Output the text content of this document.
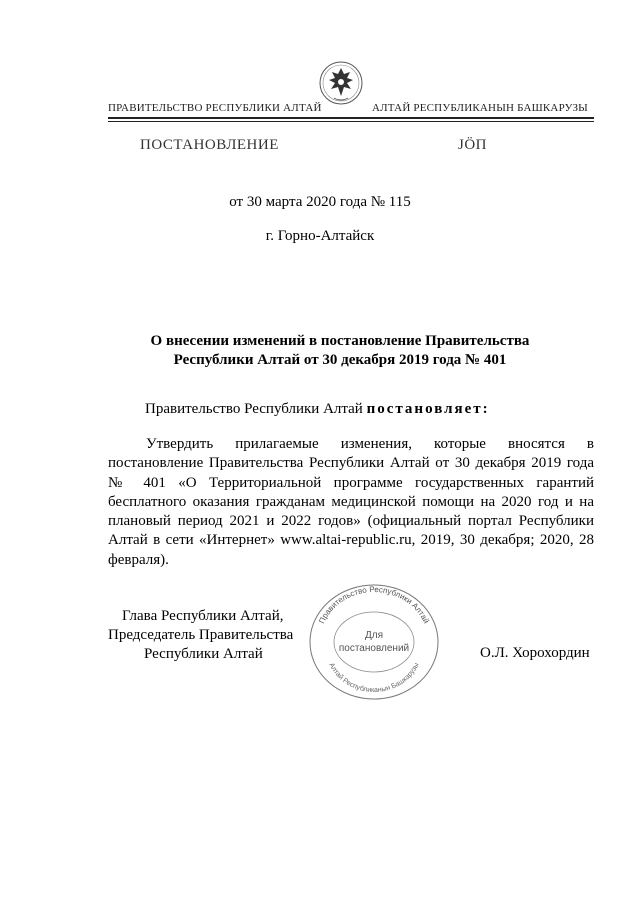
ПРАВИТЕЛЬСТВО РЕСПУБЛИКИ АЛТАЙ	АЛТАЙ РЕСПУБЛИКАНЫН БАШКАРУЗЫ
ПОСТАНОВЛЕНИЕ	JÖП
от 30 марта 2020 года № 115
г. Горно-Алтайск
О внесении изменений в постановление Правительства Республики Алтай от 30 декабря 2019 года № 401
Правительство Республики Алтай постановляет:

Утвердить прилагаемые изменения, которые вносятся в постановление Правительства Республики Алтай от 30 декабря 2019 года № 401 «О Территориальной программе государственных гарантий бесплатного оказания гражданам медицинской помощи на 2020 год и на плановый период 2021 и 2022 годов» (официальный портал Республики Алтай в сети «Интернет» www.altai-republic.ru, 2019, 30 декабря; 2020, 28 февраля).

Глава Республики Алтай,
Председатель Правительства
Республики Алтай	О.Л. Хорохордин
Правительство Республики Алтай
Алтай Республиканын Башкарузы
Для
постановлений
